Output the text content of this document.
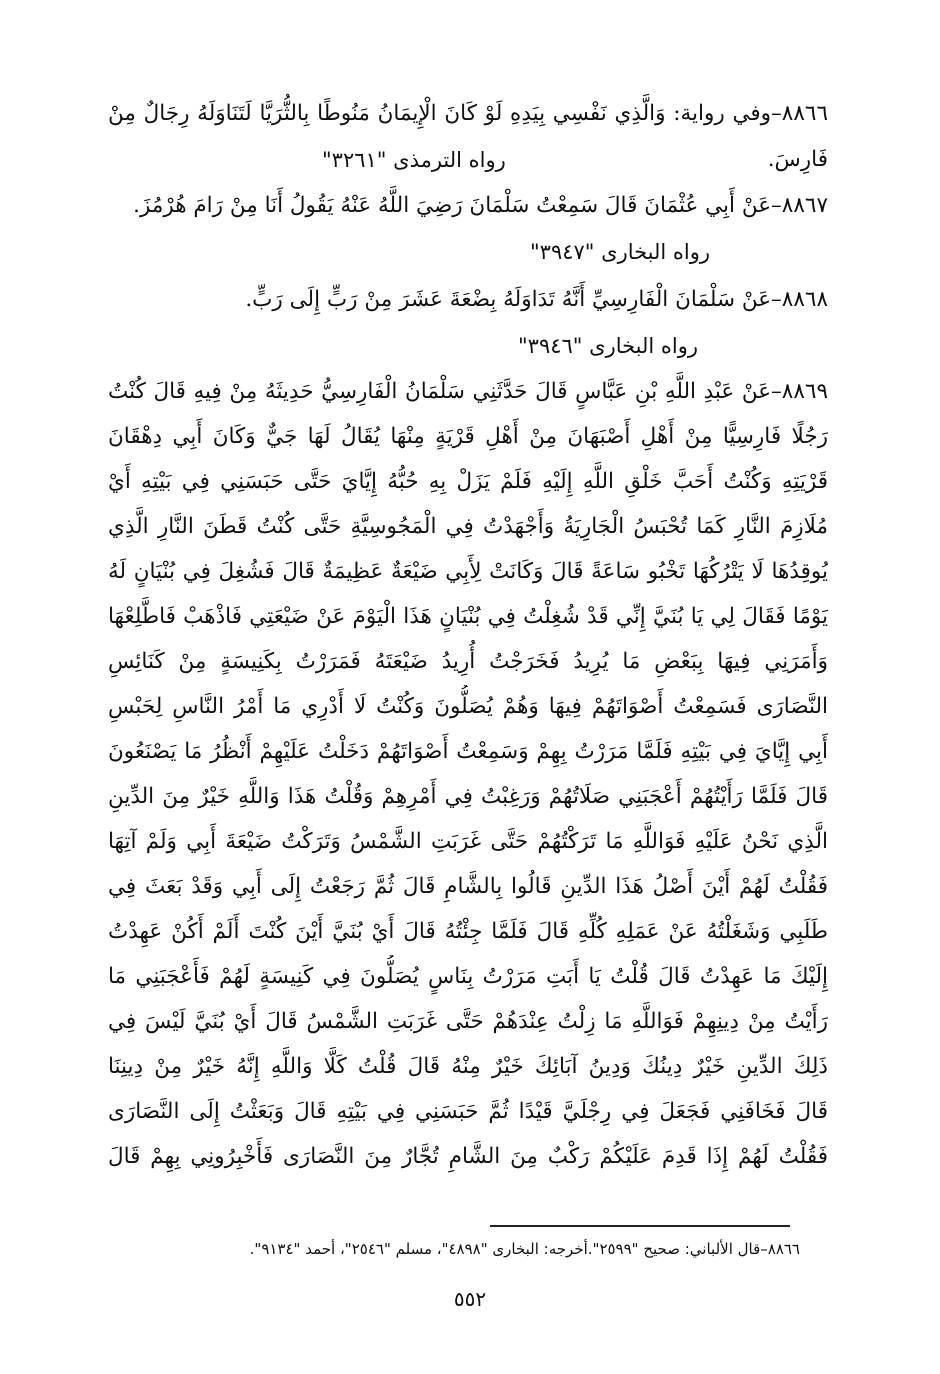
٨٨٦٦–وفي رواية: وَالَّذِي نَفْسِي بِيَدِهِ لَوْ كَانَ الْإِيمَانُ مَنُوطًا بِالثُّرَيَّا لَتَنَاوَلَهُ رِجَالٌ مِنْ
فَارِسَ.
رواه الترمذى "٣٢٦١"
٨٨٦٧–عَنْ أَبِي عُثْمَانَ قَالَ سَمِعْتُ سَلْمَانَ رَضِيَ اللَّهُ عَنْهُ يَقُولُ أَنَا مِنْ رَامَ هُرْمُزَ.
رواه البخارى "٣٩٤٧"
٨٨٦٨–عَنْ سَلْمَانَ الْفَارِسِيِّ أَنَّهُ تَدَاوَلَهُ بِضْعَةَ عَشَرَ مِنْ رَبٍّ إِلَى رَبٍّ.
رواه البخارى "٣٩٤٦"
٨٨٦٩–عَنْ عَبْدِ اللَّهِ بْنِ عَبَّاسٍ قَالَ حَدَّثَنِي سَلْمَانُ الْفَارِسِيُّ حَدِيثَهُ مِنْ فِيهِ قَالَ كُنْتُ
رَجُلًا فَارِسِيًّا مِنْ أَهْلِ أَصْبَهَانَ مِنْ أَهْلِ قَرْيَةٍ مِنْهَا يُقَالُ لَهَا جَيٌّ وَكَانَ أَبِي دِهْقَانَ
قَرْيَتِهِ وَكُنْتُ أَحَبَّ خَلْقِ اللَّهِ إِلَيْهِ فَلَمْ يَزَلْ بِهِ حُبُّهُ إِيَّايَ حَتَّى حَبَسَنِي فِي بَيْتِهِ أَيْ
مُلَازِمَ النَّارِ كَمَا تُحْبَسُ الْجَارِيَةُ وَأَجْهَدْتُ فِي الْمَجُوسِيَّةِ حَتَّى كُنْتُ قَطَنَ النَّارِ الَّذِي
يُوقِدُهَا لَا يَتْرُكُهَا تَخْبُو سَاعَةً قَالَ وَكَانَتْ لِأَبِي ضَيْعَةٌ عَظِيمَةٌ قَالَ فَشُغِلَ فِي بُنْيَانٍ لَهُ
يَوْمًا فَقَالَ لِي يَا بُنَيَّ إِنِّي قَدْ شُغِلْتُ فِي بُنْيَانٍ هَذَا الْيَوْمَ عَنْ ضَيْعَتِي فَاذْهَبْ فَاطَّلِعْهَا
وَأَمَرَنِي فِيهَا بِبَعْضِ مَا يُرِيدُ فَخَرَجْتُ أُرِيدُ ضَيْعَتَهُ فَمَرَرْتُ بِكَنِيسَةٍ مِنْ كَنَائِسِ
النَّصَارَى فَسَمِعْتُ أَصْوَاتَهُمْ فِيهَا وَهُمْ يُصَلُّونَ وَكُنْتُ لَا أَدْرِي مَا أَمْرُ النَّاسِ لِحَبْسِ
أَبِي إِيَّايَ فِي بَيْتِهِ فَلَمَّا مَرَرْتُ بِهِمْ وَسَمِعْتُ أَصْوَاتَهُمْ دَخَلْتُ عَلَيْهِمْ أَنْظُرُ مَا يَصْنَعُونَ
قَالَ فَلَمَّا رَأَيْتُهُمْ أَعْجَبَنِي صَلَاتُهُمْ وَرَغِبْتُ فِي أَمْرِهِمْ وَقُلْتُ هَذَا وَاللَّهِ خَيْرٌ مِنَ الدِّينِ
الَّذِي نَحْنُ عَلَيْهِ فَوَاللَّهِ مَا تَرَكْتُهُمْ حَتَّى غَرَبَتِ الشَّمْسُ وَتَرَكْتُ ضَيْعَةَ أَبِي وَلَمْ آتِهَا
فَقُلْتُ لَهُمْ أَيْنَ أَصْلُ هَذَا الدِّينِ قَالُوا بِالشَّامِ قَالَ ثُمَّ رَجَعْتُ إِلَى أَبِي وَقَدْ بَعَثَ فِي
طَلَبِي وَشَغَلْتُهُ عَنْ عَمَلِهِ كُلِّهِ قَالَ فَلَمَّا جِئْتُهُ قَالَ أَيْ بُنَيَّ أَيْنَ كُنْتَ أَلَمْ أَكُنْ عَهِدْتُ
إِلَيْكَ مَا عَهِدْتُ قَالَ قُلْتُ يَا أَبَتِ مَرَرْتُ بِنَاسٍ يُصَلُّونَ فِي كَنِيسَةٍ لَهُمْ فَأَعْجَبَنِي مَا
رَأَيْتُ مِنْ دِينِهِمْ فَوَاللَّهِ مَا زِلْتُ عِنْدَهُمْ حَتَّى غَرَبَتِ الشَّمْسُ قَالَ أَيْ بُنَيَّ لَيْسَ فِي
ذَلِكَ الدِّينِ خَيْرٌ دِينُكَ وَدِينُ آبَائِكَ خَيْرٌ مِنْهُ قَالَ قُلْتُ كَلَّا وَاللَّهِ إِنَّهُ خَيْرٌ مِنْ دِينِنَا
قَالَ فَخَافَنِي فَجَعَلَ فِي رِجْلَيَّ قَيْدًا ثُمَّ حَبَسَنِي فِي بَيْتِهِ قَالَ وَبَعَثْتُ إِلَى النَّصَارَى
فَقُلْتُ لَهُمْ إِذَا قَدِمَ عَلَيْكُمْ رَكْبٌ مِنَ الشَّامِ تُجَّارٌ مِنَ النَّصَارَى فَأَخْبِرُونِي بِهِمْ قَالَ
٨٨٦٦–قال الألباني: صحيح "٢٥٩٩".أخرجه: البخارى "٤٨٩٨"، مسلم "٢٥٤٦"، أحمد "٩١٣٤".
٥٥٢
